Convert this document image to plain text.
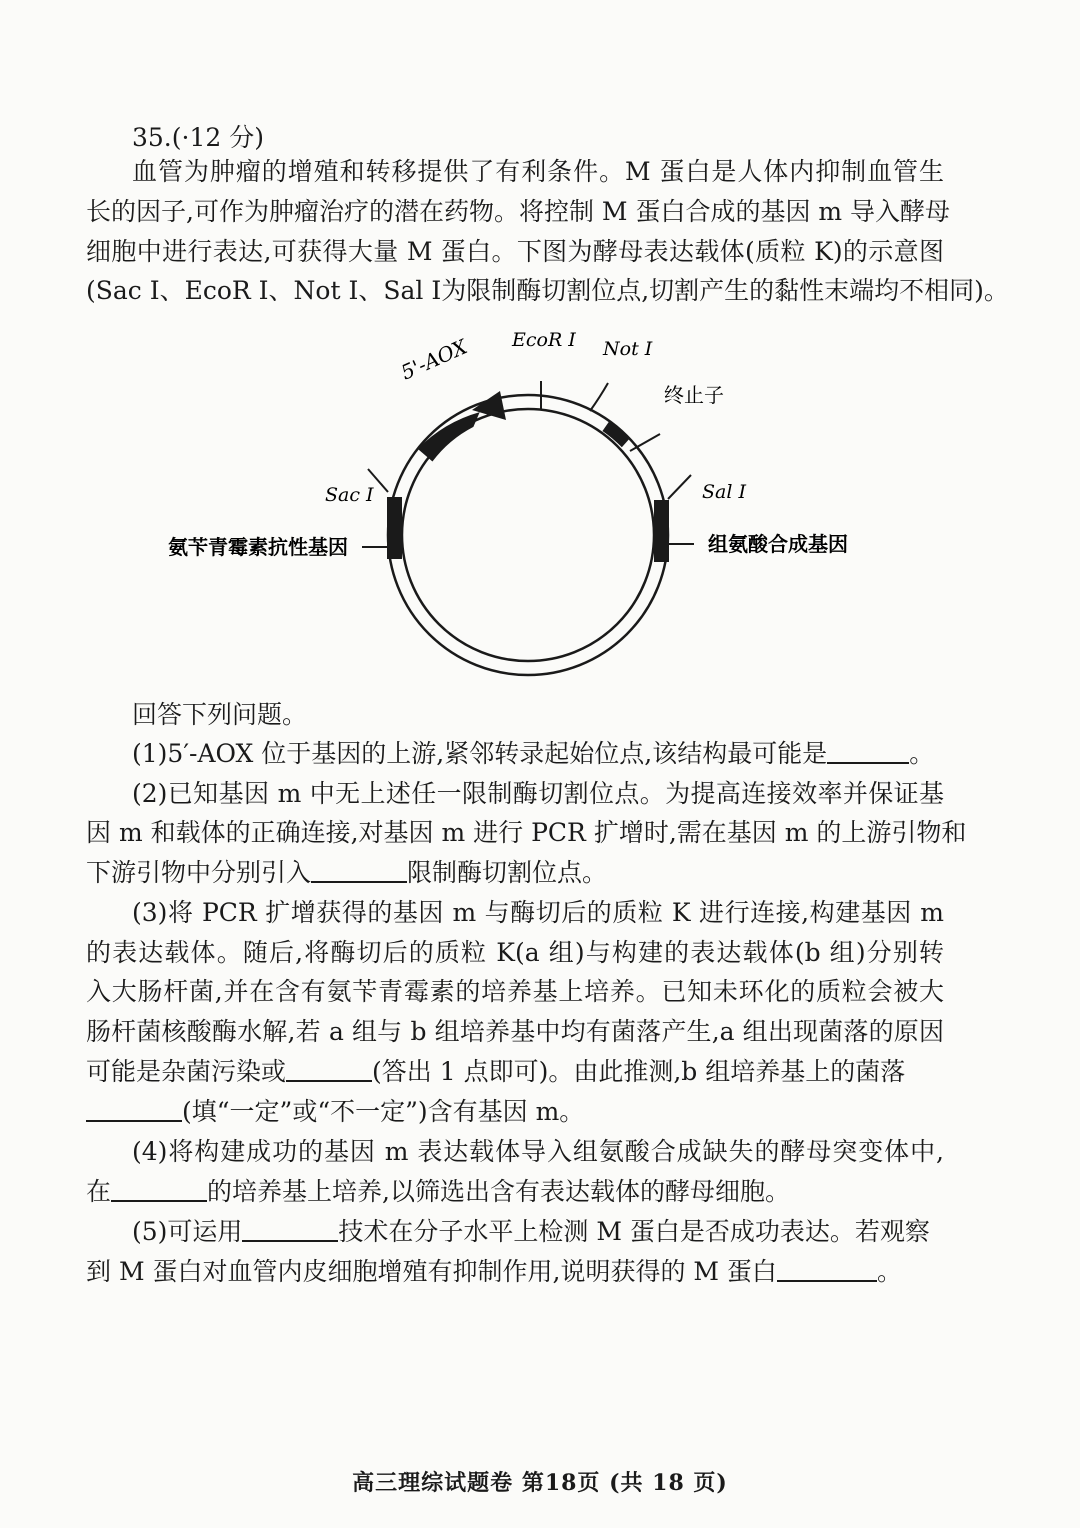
35.(·12 分)
血管为肿瘤的增殖和转移提供了有利条件。M 蛋白是人体内抑制血管生
长的因子,可作为肿瘤治疗的潜在药物。将控制 M 蛋白合成的基因 m 导入酵母
细胞中进行表达,可获得大量 M 蛋白。下图为酵母表达载体(质粒 K)的示意图
(Sac Ⅰ、EcoR Ⅰ、Not Ⅰ、Sal Ⅰ为限制酶切割位点,切割产生的黏性末端均不相同)。
5'-AOX EcoR Ⅰ Not Ⅰ
终止子
Sac Ⅰ	Sal Ⅰ
氨苄青霉素抗性基因	组氨酸合成基因
回答下列问题。
(1)5′-AOX 位于基因的上游,紧邻转录起始位点,该结构最可能是	。
(2)已知基因 m 中无上述任一限制酶切割位点。为提高连接效率并保证基
因 m 和载体的正确连接,对基因 m 进行 PCR 扩增时,需在基因 m 的上游引物和
下游引物中分别引入	限制酶切割位点。
(3)将 PCR 扩增获得的基因 m 与酶切后的质粒 K 进行连接,构建基因 m
的表达载体。随后,将酶切后的质粒 K(a 组)与构建的表达载体(b 组)分别转
入大肠杆菌,并在含有氨苄青霉素的培养基上培养。已知未环化的质粒会被大
肠杆菌核酸酶水解,若 a 组与 b 组培养基中均有菌落产生,a 组出现菌落的原因
可能是杂菌污染或	(答出 1 点即可)。由此推测,b 组培养基上的菌落
(填“一定”或“不一定”)含有基因 m。
(4)将构建成功的基因 m 表达载体导入组氨酸合成缺失的酵母突变体中,
在	的培养基上培养,以筛选出含有表达载体的酵母细胞。
(5)可运用	技术在分子水平上检测 M 蛋白是否成功表达。若观察
到 M 蛋白对血管内皮细胞增殖有抑制作用,说明获得的 M 蛋白	。
高三理综试题卷 第18页 (共 18 页)
